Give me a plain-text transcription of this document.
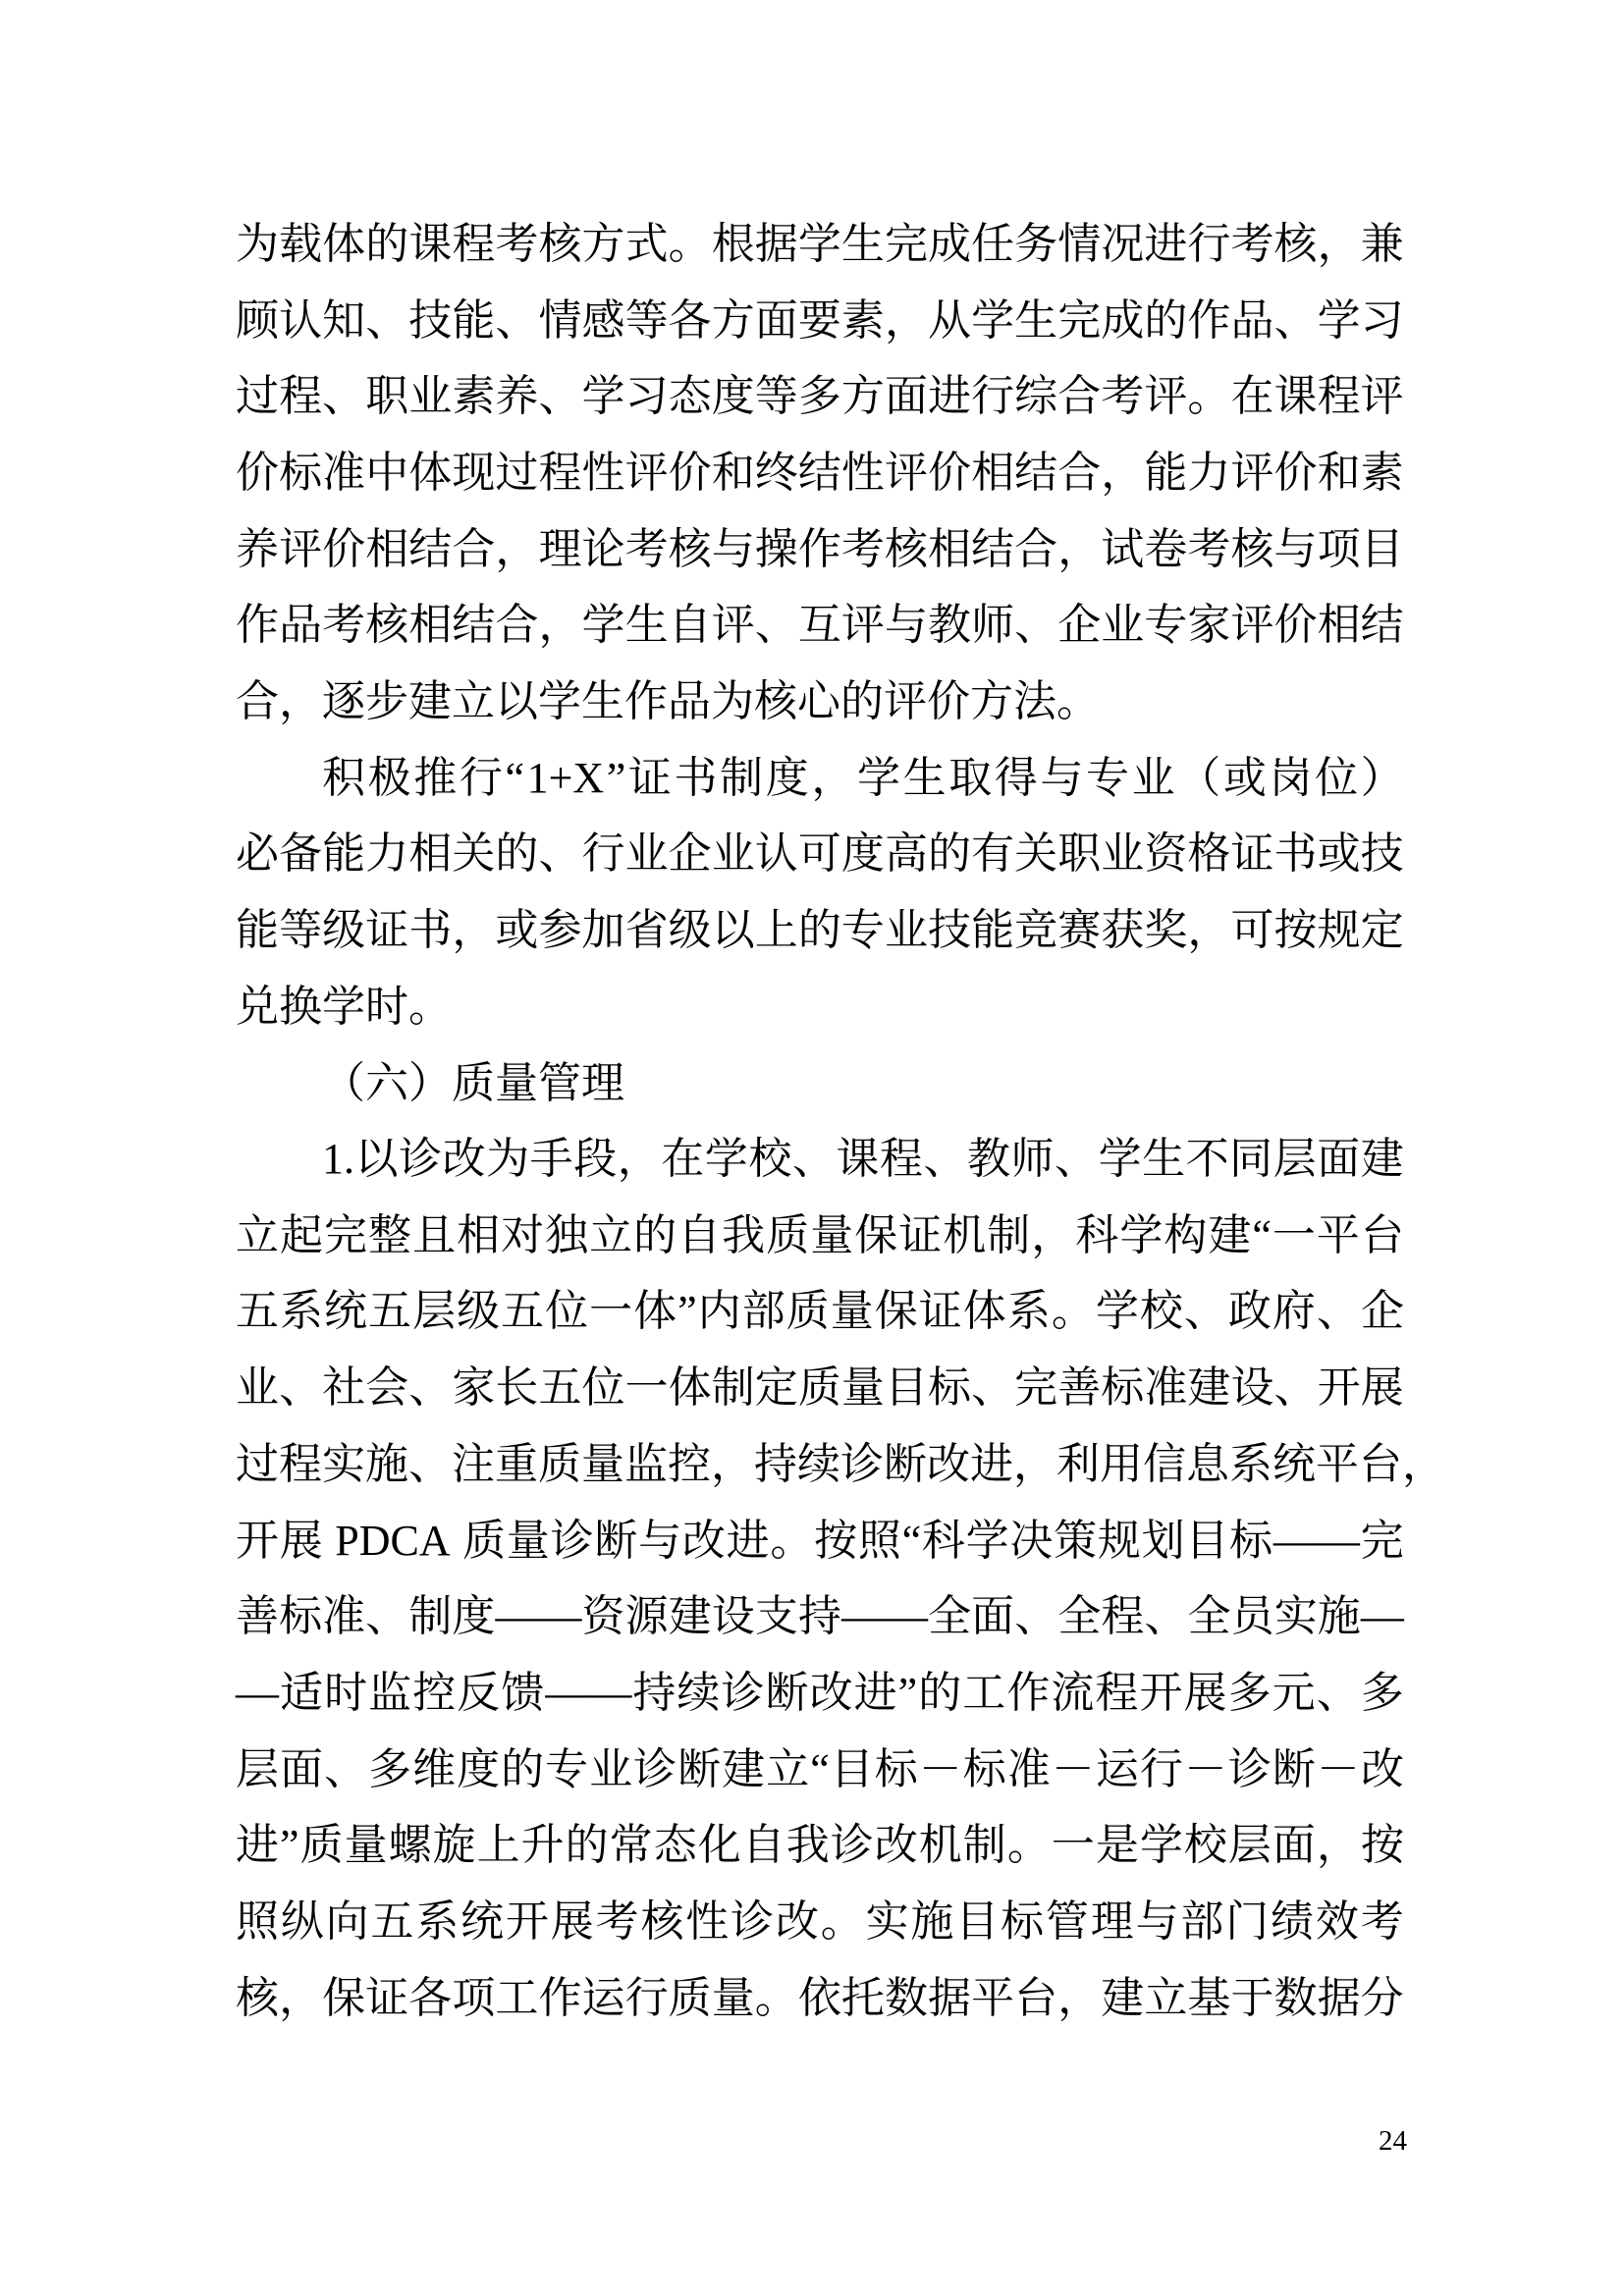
为 载 体 的 课 程 考 核 方 式 。 根 据 学 生 完 成 任 务 情 况 进 行 考 核 ， 兼
顾 认 知 、 技 能 、 情 感 等 各 方 面 要 素 ， 从 学 生 完 成 的 作 品 、 学 习
过 程 、 职 业 素 养 、 学 习 态 度 等 多 方 面 进 行 综 合 考 评 。 在 课 程 评
价 标 准 中 体 现 过 程 性 评 价 和 终 结 性 评 价 相 结 合 ， 能 力 评 价 和 素
养 评 价 相 结 合 ， 理 论 考 核 与 操 作 考 核 相 结 合 ， 试 卷 考 核 与 项 目
作 品 考 核 相 结 合 ， 学 生 自 评 、 互 评 与 教 师 、 企 业 专 家 评 价 相 结
合，逐步建立以学生作品为核心的评价方法。
积 极 推 行 “ 1+X ” 证 书 制 度 ， 学 生 取 得 与 专 业 （ 或 岗 位 ）
必 备 能 力 相 关 的 、 行 业 企 业 认 可 度 高 的 有 关 职 业 资 格 证 书 或 技
能 等 级 证 书 ， 或 参 加 省 级 以 上 的 专 业 技 能 竞 赛 获 奖 ， 可 按 规 定
兑换学时。
（六）质量管理
1. 以 诊 改 为 手 段 ， 在 学 校 、 课 程 、 教 师 、 学 生 不 同 层 面 建
立 起 完 整 且 相 对 独 立 的 自 我 质 量 保 证 机 制 ， 科 学 构 建 “ 一 平 台
五 系 统 五 层 级 五 位 一 体 ” 内 部 质 量 保 证 体 系 。 学 校 、 政 府 、 企
业 、 社 会 、 家 长 五 位 一 体 制 定 质 量 目 标 、 完 善 标 准 建 设 、 开 展
过 程 实 施 、 注 重 质 量 监 控 ， 持 续 诊 断 改 进 ， 利 用 信 息 系 统 平 台 ，
开 展
PDCA
质 量 诊 断 与 改 进 。 按 照 “ 科 学 决 策 规 划 目 标 —— 完
善 标 准 、 制 度 —— 资 源 建 设 支 持 —— 全 面 、 全 程 、 全 员 实 施 —
— 适 时 监 控 反 馈 —— 持 续 诊 断 改 进 ” 的 工 作 流 程 开 展 多 元 、 多
层 面 、 多 维 度 的 专 业 诊 断 建 立 “ 目 标 － 标 准 － 运 行 － 诊 断 － 改
进 ” 质 量 螺 旋 上 升 的 常 态 化 自 我 诊 改 机 制 。 一 是 学 校 层 面 ， 按
照 纵 向 五 系 统 开 展 考 核 性 诊 改 。 实 施 目 标 管 理 与 部 门 绩 效 考
核 ， 保 证 各 项 工 作 运 行 质 量 。 依 托 数 据 平 台 ， 建 立 基 于 数 据 分
24
